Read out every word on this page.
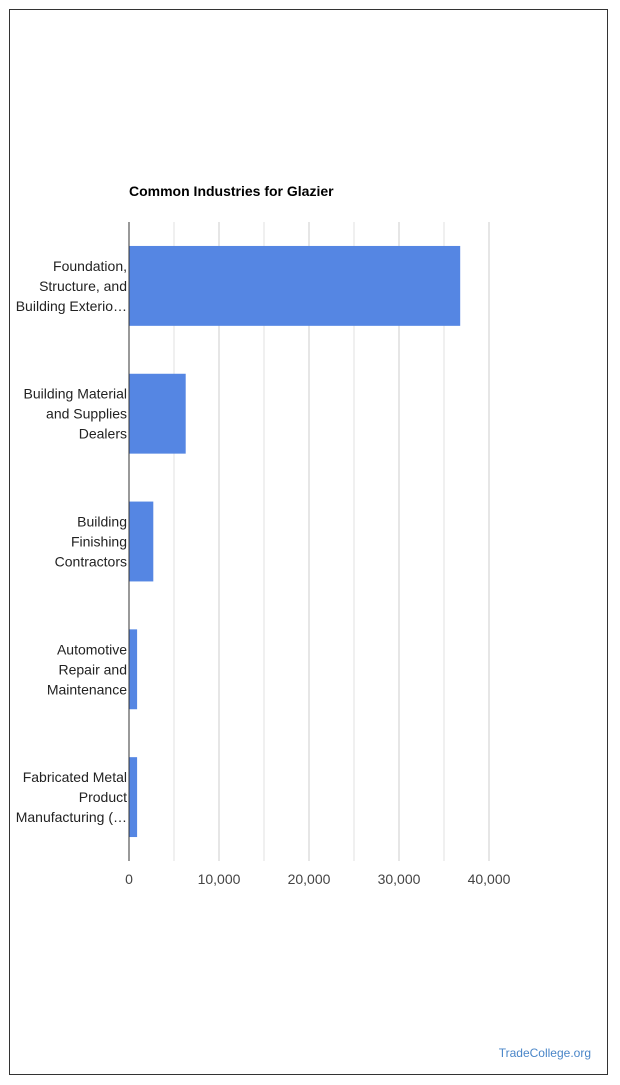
Common Industries for Glazier
Foundation, Structure, and Building Exterio…
Building Material and Supplies Dealers
Building Finishing Contractors
Automotive Repair and Maintenance
Fabricated Metal Product Manufacturing (…
0	10,000	20,000	30,000	40,000
TradeCollege.org
